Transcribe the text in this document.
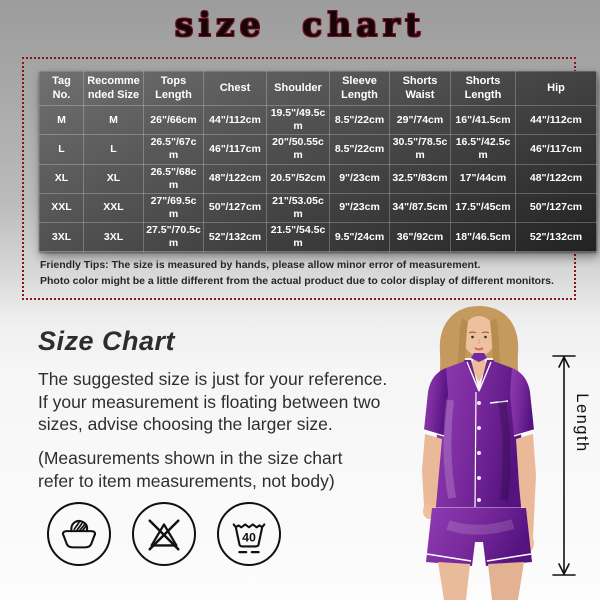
size chart
Tag No.	Recommended Size	Tops Length	Chest	Shoulder	Sleeve Length	Shorts Waist	Shorts Length	Hip
M	M	26"/66cm	44"/112cm	19.5"/49.5cm	8.5"/22cm	29"/74cm	16"/41.5cm	44"/112cm
L	L	26.5"/67cm	46"/117cm	20"/50.55cm	8.5"/22cm	30.5"/78.5cm	16.5"/42.5cm	46"/117cm
XL	XL	26.5"/68cm	48"/122cm	20.5"/52cm	9"/23cm	32.5"/83cm	17"/44cm	48"/122cm
XXL	XXL	27"/69.5cm	50"/127cm	21"/53.05cm	9"/23cm	34"/87.5cm	17.5"/45cm	50"/127cm
3XL	3XL	27.5"/70.5cm	52"/132cm	21.5"/54.5cm	9.5"/24cm	36"/92cm	18"/46.5cm	52"/132cm
Friendly Tips: The size is measured by hands, please allow minor error of measurement.
Photo color might be a little different from the actual product due to color display of different monitors.
Size Chart
The suggested size is just for your reference. If your measurement is floating between two sizes, advise choosing the larger size.
(Measurements shown in the size chart refer to item measurements, not body)
40
Length
